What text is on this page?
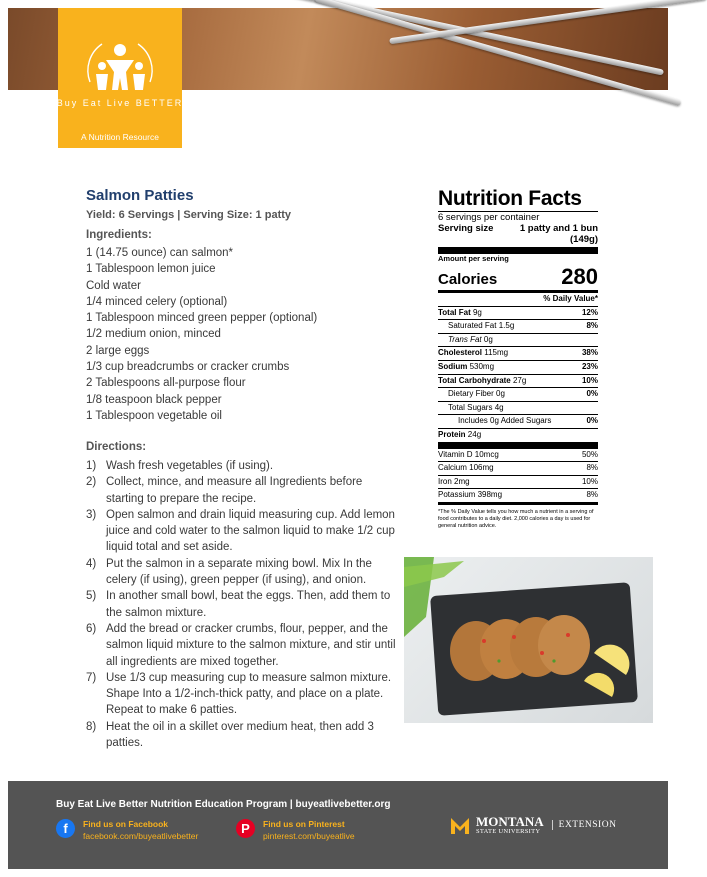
Buy Eat Live BETTER
A Nutrition Resource
Salmon Patties
Yield: 6 Servings | Serving Size: 1 patty
Ingredients:
1 (14.75 ounce) can salmon*
1 Tablespoon lemon juice
Cold water
1/4 minced celery (optional)
1 Tablespoon minced green pepper (optional)
1/2 medium onion, minced
2 large eggs
1/3 cup breadcrumbs or cracker crumbs
2 Tablespoons all-purpose flour
1/8 teaspoon black pepper
1 Tablespoon vegetable oil
Directions:
1) Wash fresh vegetables (if using).
2) Collect, mince, and measure all Ingredients before starting to prepare the recipe.
3) Open salmon and drain liquid measuring cup. Add lemon juice and cold water to the salmon liquid to make 1/2 cup liquid total and set aside.
4) Put the salmon in a separate mixing bowl. Mix In the celery (if using), green pepper (if using), and onion.
5) In another small bowl, beat the eggs. Then, add them to the salmon mixture.
6) Add the bread or cracker crumbs, flour, pepper, and the salmon liquid mixture to the salmon mixture, and stir until all ingredients are mixed together.
7) Use 1/3 cup measuring cup to measure salmon mixture. Shape Into a 1/2-inch-thick patty, and place on a plate. Repeat to make 6 patties.
8) Heat the oil in a skillet over medium heat, then add 3 patties.
Nutrition Facts
6 servings per container
Serving size	1 patty and 1 bun
(149g)
Amount per serving
Calories	280
% Daily Value*
Total Fat 9g	12%
Saturated Fat 1.5g	8%
Trans Fat 0g
Cholesterol 115mg	38%
Sodium 530mg	23%
Total Carbohydrate 27g	10%
Dietary Fiber 0g	0%
Total Sugars 4g
Includes 0g Added Sugars	0%
Protein 24g
Vitamin D 10mcg	50%
Calcium 106mg	8%
Iron 2mg	10%
Potassium 398mg	8%
*The % Daily Value tells you how much a nutrient in a serving of food contributes to a daily diet. 2,000 calories a day is used for general nutrition advice.
Buy Eat Live Better Nutrition Education Program | buyeatlivebetter.org
f	Find us on Facebook
facebook.com/buyeatlivebetter	P	Find us on Pinterest
pinterest.com/buyeatlive
MONTANA
STATE UNIVERSITY
EXTENSION
